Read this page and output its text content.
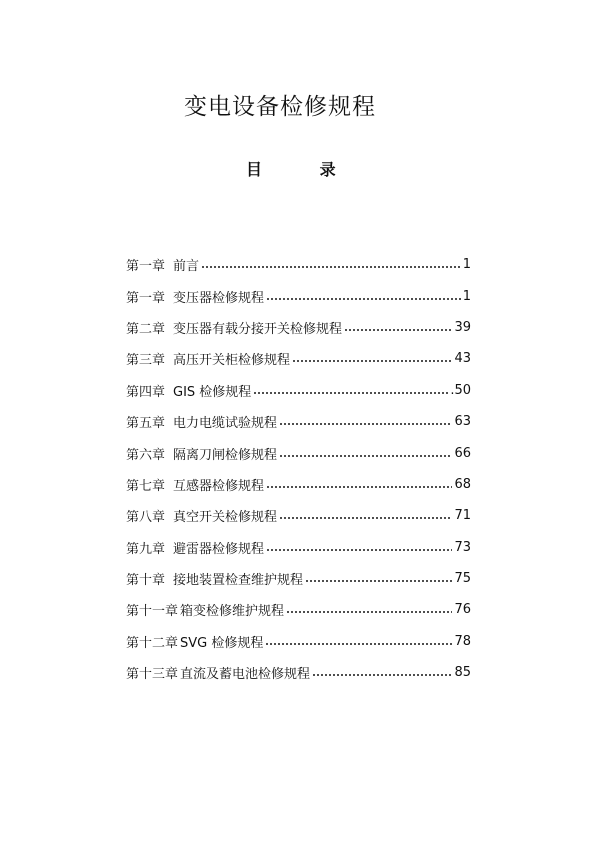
变电设备检修规程
目 录
第一章 前言	1
第一章 变压器检修规程	1
第二章 变压器有载分接开关检修规程	39
第三章 高压开关柜检修规程	43
第四章 GIS 检修规程	.50
第五章 电力电缆试验规程	63
第六章 隔离刀闸检修规程	66
第七章 互感器检修规程	68
第八章 真空开关检修规程	71
第九章 避雷器检修规程	73
第十章 接地装置检查维护规程	75
第十一章 箱变检修维护规程	76
第十二章 SVG 检修规程	78
第十三章 直流及蓄电池检修规程	85
